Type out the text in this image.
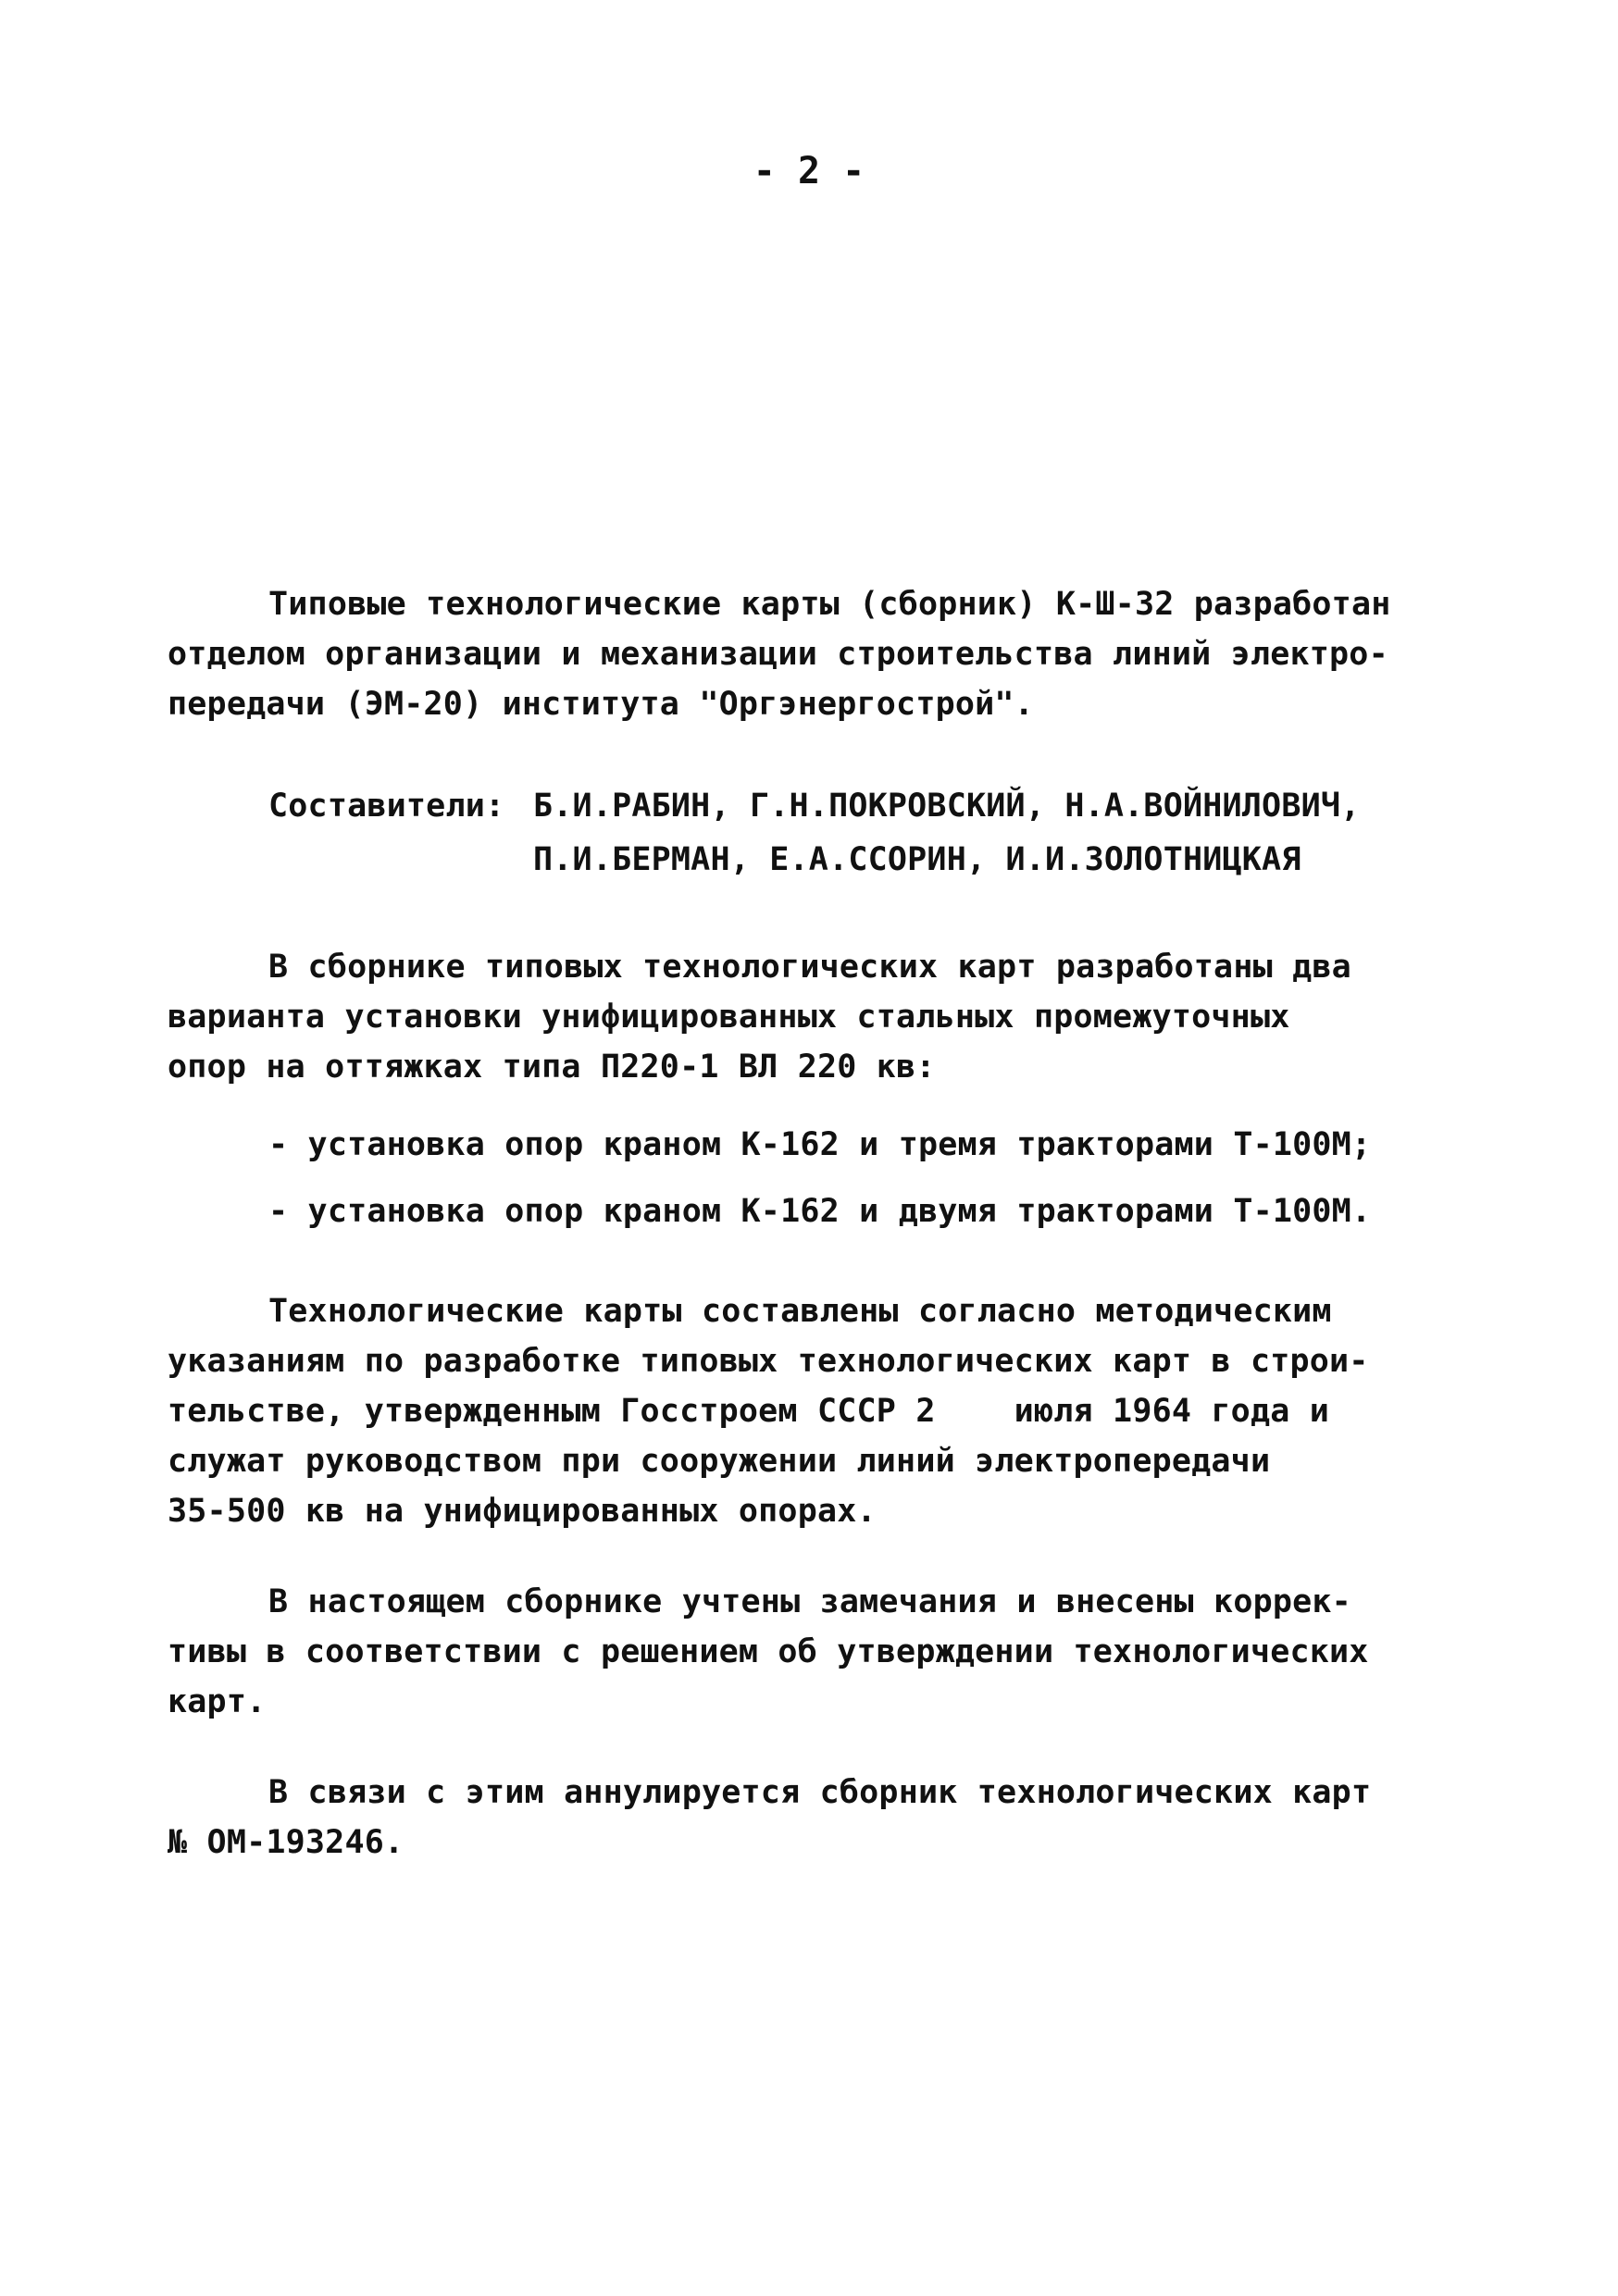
- 2 -
Типовые технологические карты (сборник) К-Ш-32 разработан
отделом организации и механизации строительства линий электро-
передачи (ЭМ-20) института "Оргэнергострой".
Составители: Б.И.РАБИН, Г.Н.ПОКРОВСКИЙ, Н.А.ВОЙНИЛОВИЧ,
П.И.БЕРМАН, Е.А.ССОРИН, И.И.ЗОЛОТНИЦКАЯ
В сборнике типовых технологических карт разработаны два
варианта установки унифицированных стальных промежуточных
опор на оттяжках типа П220-1 ВЛ 220 кв:
- установка опор краном К-162 и тремя тракторами Т-100М;
- установка опор краном К-162 и двумя тракторами Т-100М.
Технологические карты составлены согласно методическим
указаниям по разработке типовых технологических карт в строи-
тельстве, утвержденным Госстроем СССР 2    июля 1964 года и
служат руководством при сооружении линий электропередачи
35-500 кв на унифицированных опорах.
В настоящем сборнике учтены замечания и внесены коррек-
тивы в соответствии с решением об утверждении технологических
карт.
В связи с этим аннулируется сборник технологических карт
№ ОМ-193246.
